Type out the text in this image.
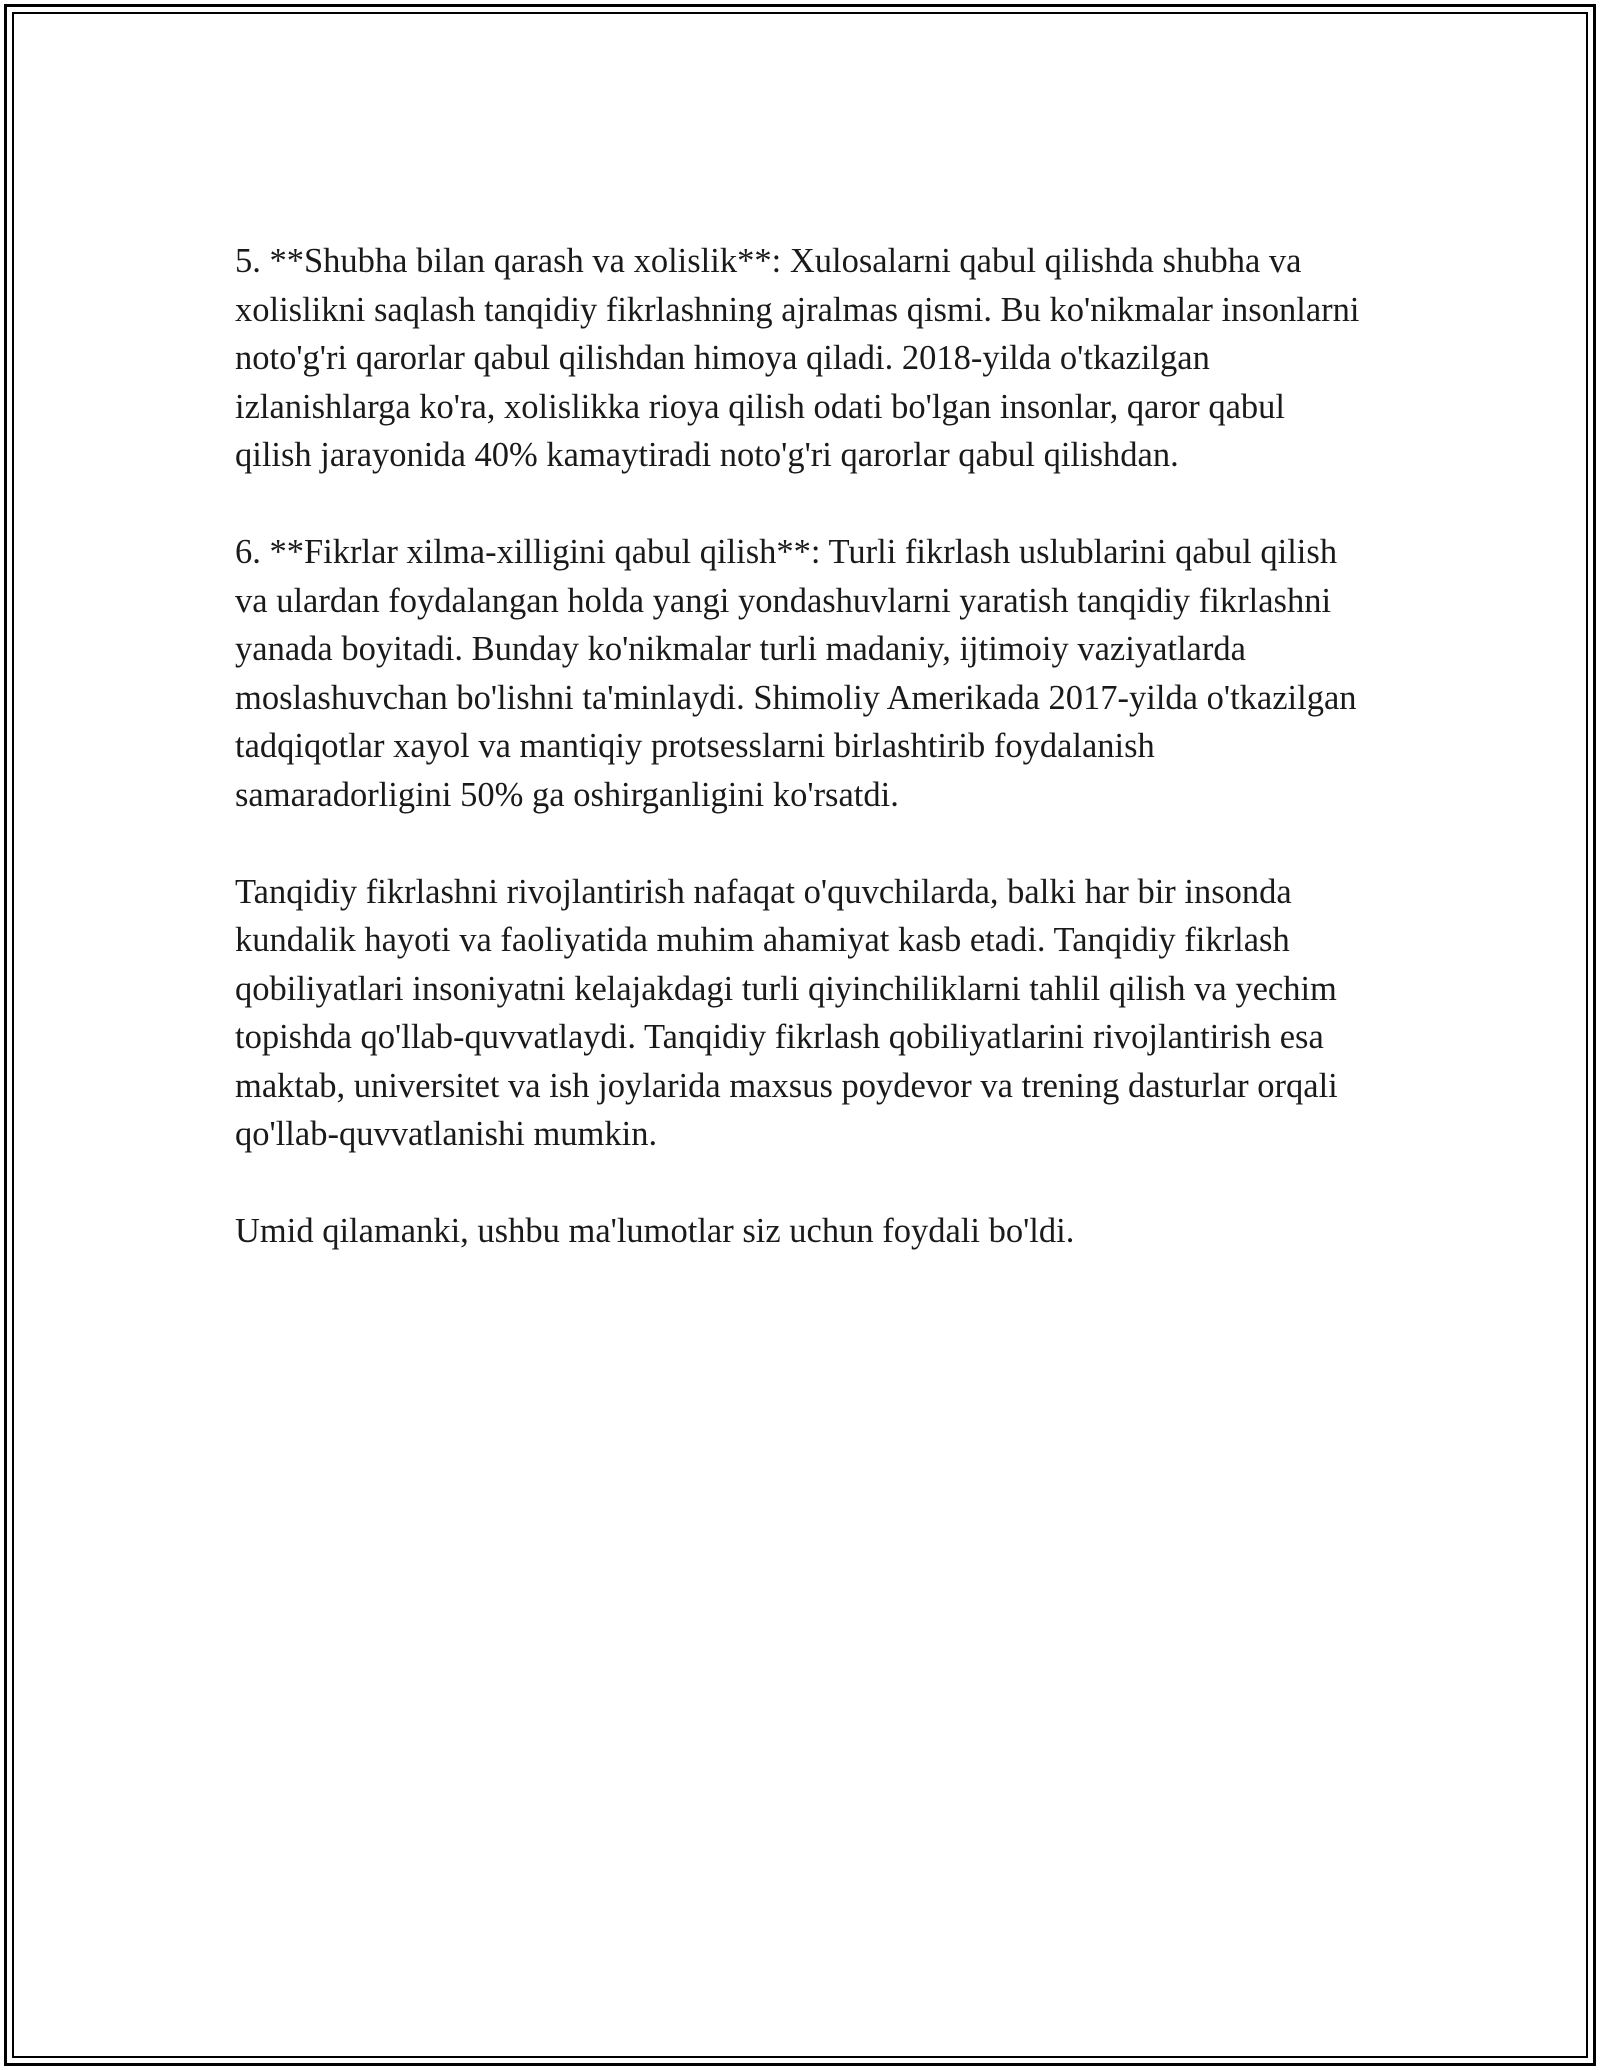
5. **Shubha bilan qarash va xolislik**: Xulosalarni qabul qilishda shubha va xolislikni saqlash tanqidiy fikrlashning ajralmas qismi. Bu ko'nikmalar insonlarni noto'g'ri qarorlar qabul qilishdan himoya qiladi. 2018-yilda o'tkazilgan izlanishlarga ko'ra, xolislikka rioya qilish odati bo'lgan insonlar, qaror qabul qilish jarayonida 40% kamaytiradi noto'g'ri qarorlar qabul qilishdan.

6. **Fikrlar xilma-xilligini qabul qilish**: Turli fikrlash uslublarini qabul qilish va ulardan foydalangan holda yangi yondashuvlarni yaratish tanqidiy fikrlashni yanada boyitadi. Bunday ko'nikmalar turli madaniy, ijtimoiy vaziyatlarda moslashuvchan bo'lishni ta'minlaydi. Shimoliy Amerikada 2017-yilda o'tkazilgan tadqiqotlar xayol va mantiqiy protsesslarni birlashtirib foydalanish samaradorligini 50% ga oshirganligini ko'rsatdi.

Tanqidiy fikrlashni rivojlantirish nafaqat o'quvchilarda, balki har bir insonda kundalik hayoti va faoliyatida muhim ahamiyat kasb etadi. Tanqidiy fikrlash qobiliyatlari insoniyatni kelajakdagi turli qiyinchiliklarni tahlil qilish va yechim topishda qo'llab-quvvatlaydi. Tanqidiy fikrlash qobiliyatlarini rivojlantirish esa maktab, universitet va ish joylarida maxsus poydevor va trening dasturlar orqali qo'llab-quvvatlanishi mumkin.

Umid qilamanki, ushbu ma'lumotlar siz uchun foydali bo'ldi.
